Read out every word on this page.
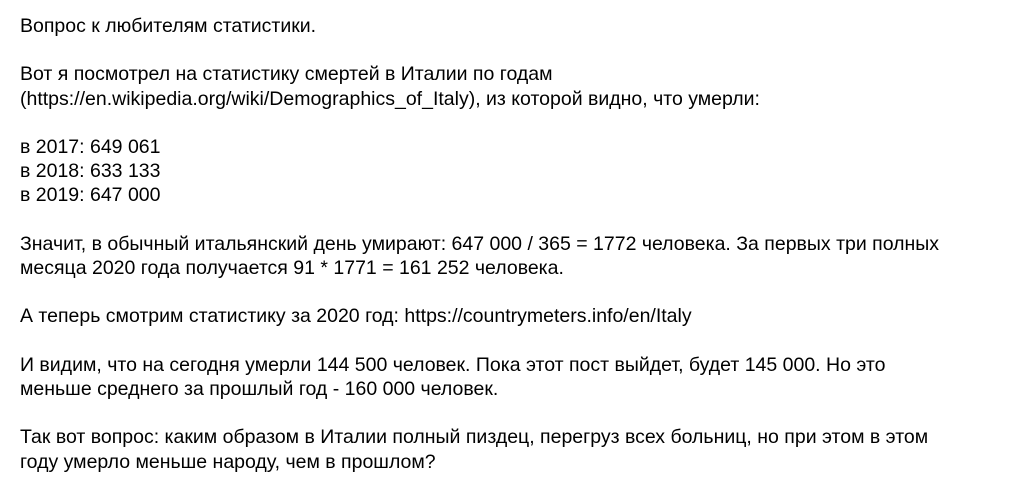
Вопрос к любителям статистики.
Вот я посмотрел на статистику смертей в Италии по годам
(https://en.wikipedia.org/wiki/Demographics_of_Italy), из которой видно, что умерли:
в 2017: 649 061
в 2018: 633 133
в 2019: 647 000
Значит, в обычный итальянский день умирают: 647 000 / 365 = 1772 человека. За первых три полных
месяца 2020 года получается 91 * 1771 = 161 252 человека.
А теперь смотрим статистику за 2020 год: https://countrymeters.info/en/Italy
И видим, что на сегодня умерли 144 500 человек. Пока этот пост выйдет, будет 145 000. Но это
меньше среднего за прошлый год - 160 000 человек.
Так вот вопрос: каким образом в Италии полный пиздец, перегруз всех больниц, но при этом в этом
году умерло меньше народу, чем в прошлом?
